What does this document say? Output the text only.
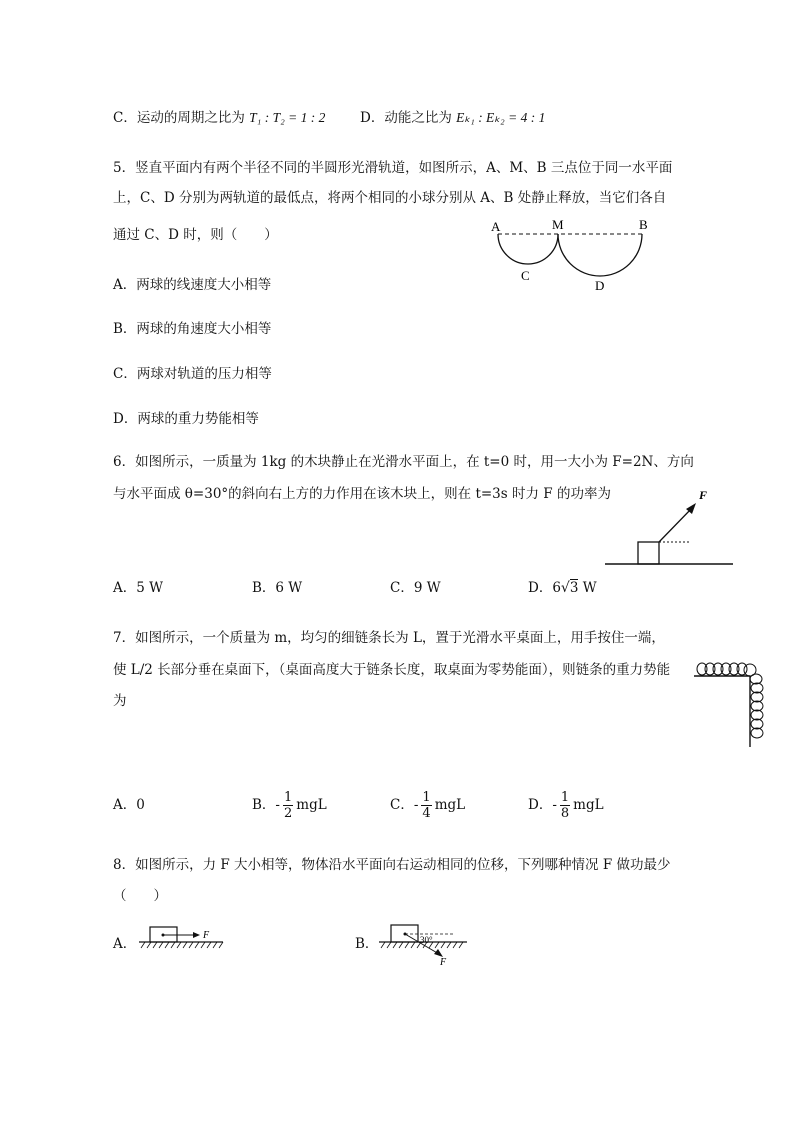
C．运动的周期之比为 T₁ : T₂ = 1 : 2	D．动能之比为 Eₖ₁ : Eₖ₂ = 4 : 1
5．竖直平面内有两个半径不同的半圆形光滑轨道，如图所示，A、M、B 三点位于同一水平面
上，C、D 分别为两轨道的最低点，将两个相同的小球分别从 A、B 处静止释放，当它们各自
通过 C、D 时，则（　　）
A	M	B
C
D
A．两球的线速度大小相等
B．两球的角速度大小相等
C．两球对轨道的压力相等
D．两球的重力势能相等
6．如图所示，一质量为 1kg 的木块静止在光滑水平面上，在 t=0 时，用一大小为 F=2N、方向
与水平面成 θ=30°的斜向右上方的力作用在该木块上，则在 t=3s 时力 F 的功率为	F
A．5 W	B．6 W	C．9 W	D．6√3 W
7．如图所示，一个质量为 m，均匀的细链条长为 L，置于光滑水平桌面上，用手按住一端，
使 L/2 长部分垂在桌面下，（桌面高度大于链条长度，取桌面为零势能面），则链条的重力势能
为
A．0	B．- $\frac{1}{2}$ mgL	C．- $\frac{1}{4}$ mgL	D．- $\frac{1}{8}$ mgL
8．如图所示，力 F 大小相等，物体沿水平面向右运动相同的位移，下列哪种情况 F 做功最少
（　　）
A．
F
B．	30°
F
